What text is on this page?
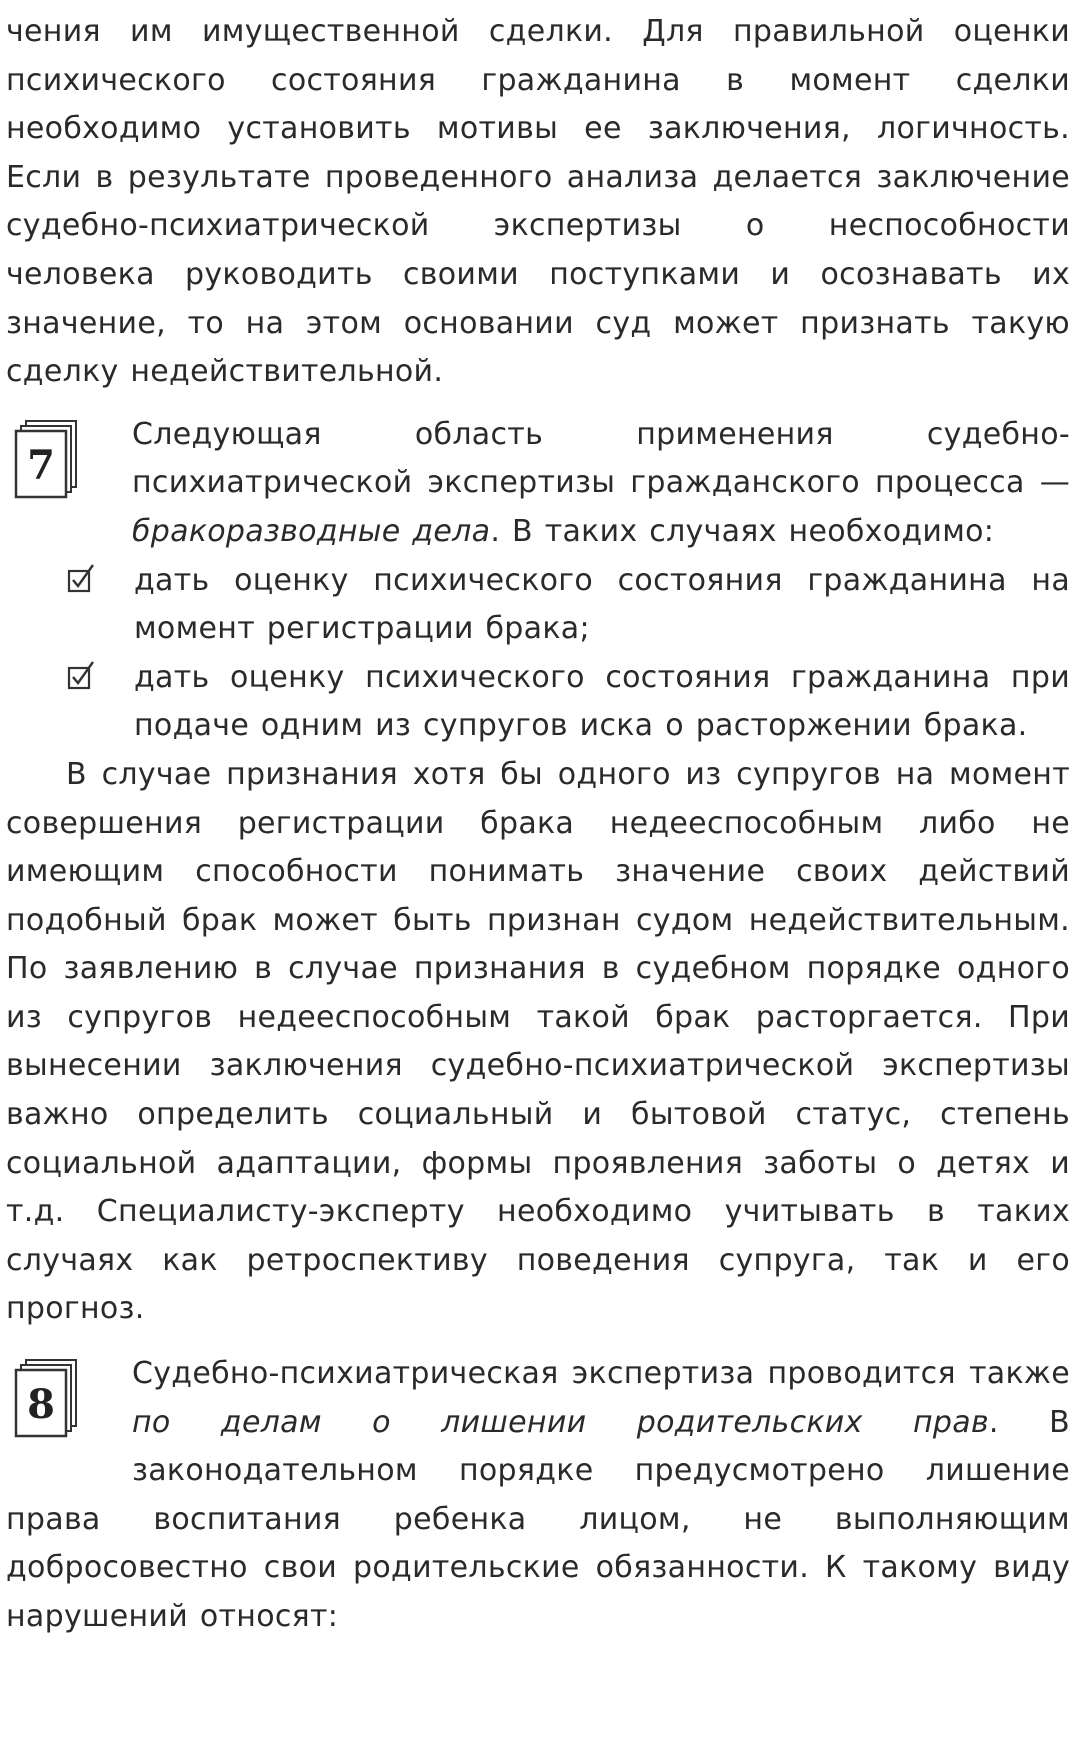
чения им имущественной сделки. Для правильной оценки психического состояния гражданина в момент сделки необходимо установить мотивы ее заключения, логичность. Если в результате проведенного анализа делается заключение судебно-психиатрической экспертизы о неспособности человека руководить своими поступками и осознавать их значение, то на этом основании суд может признать такую сделку недействительной.

7

Следующая область применения судебно-психиатрической экспертизы гражданского процесса — бракоразводные дела. В таких случаях необходимо:

дать оценку психического состояния гражданина на момент регистрации брака;
дать оценку психического состояния гражданина при подаче одним из супругов иска о расторжении брака.

В случае признания хотя бы одного из супругов на момент совершения регистрации брака недееспособным либо не имеющим способности понимать значение своих действий подобный брак может быть признан судом недействительным. По заявлению в случае признания в судебном порядке одного из супругов недееспособным такой брак расторгается. При вынесении заключения судебно-психиатрической экспертизы важно определить социальный и бытовой статус, степень социальной адаптации, формы проявления заботы о детях и т.д. Специалисту-эксперту необходимо учитывать в таких случаях как ретроспективу поведения супруга, так и его прогноз.

8

Судебно-психиатрическая экспертиза проводится также по делам о лишении родительских прав. В законодательном порядке предусмотрено лишение права воспитания ребенка лицом, не выполняющим добросовестно свои родительские обязанности. К такому виду нарушений относят:
